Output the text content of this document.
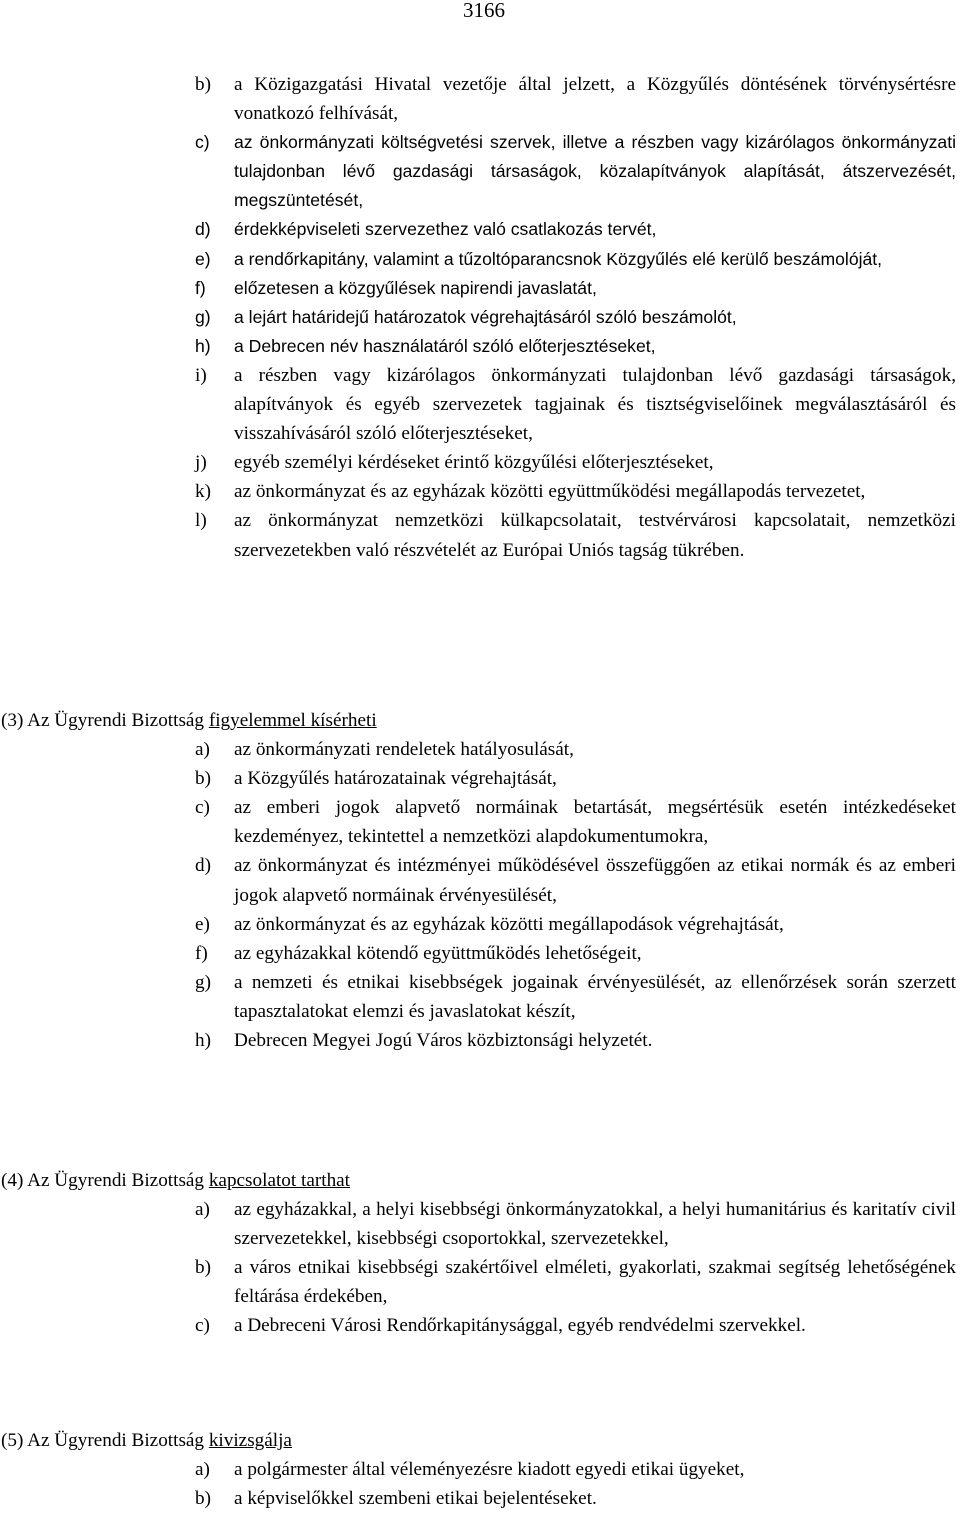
3166
b) a Közigazgatási Hivatal vezetője által jelzett, a Közgyűlés döntésének törvénysértésre vonatkozó felhívását,
c) az önkormányzati költségvetési szervek, illetve a részben vagy kizárólagos önkormányzati tulajdonban lévő gazdasági társaságok, közalapítványok alapítását, átszervezését, megszüntetését,
d) érdekképviseleti szervezethez való csatlakozás tervét,
e) a rendőrkapitány, valamint a tűzoltóparancsnok Közgyűlés elé kerülő beszámolóját,
f) előzetesen a közgyűlések napirendi javaslatát,
g) a lejárt határidejű határozatok végrehajtásáról szóló beszámolót,
h) a Debrecen név használatáról szóló előterjesztéseket,
i) a részben vagy kizárólagos önkormányzati tulajdonban lévő gazdasági társaságok, alapítványok és egyéb szervezetek tagjainak és tisztségviselőinek megválasztásáról és visszahívásáról szóló előterjesztéseket,
j) egyéb személyi kérdéseket érintő közgyűlési előterjesztéseket,
k) az önkormányzat és az egyházak közötti együttműködési megállapodás tervezetet,
l) az önkormányzat nemzetközi külkapcsolatait, testvérvárosi kapcsolatait, nemzetközi szervezetekben való részvételét az Európai Uniós tagság tükrében.
(3) Az Ügyrendi Bizottság figyelemmel kísérheti
a) az önkormányzati rendeletek hatályosulását,
b) a Közgyűlés határozatainak végrehajtását,
c) az emberi jogok alapvető normáinak betartását, megsértésük esetén intézkedéseket kezdeményez, tekintettel a nemzetközi alapdokumentumokra,
d) az önkormányzat és intézményei működésével összefüggően az etikai normák és az emberi jogok alapvető normáinak érvényesülését,
e) az önkormányzat és az egyházak közötti megállapodások végrehajtását,
f) az egyházakkal kötendő együttműködés lehetőségeit,
g) a nemzeti és etnikai kisebbségek jogainak érvényesülését, az ellenőrzések során szerzett tapasztalatokat elemzi és javaslatokat készít,
h) Debrecen Megyei Jogú Város közbiztonsági helyzetét.
(4) Az Ügyrendi Bizottság kapcsolatot tarthat
a) az egyházakkal, a helyi kisebbségi önkormányzatokkal, a helyi humanitárius és karitatív civil szervezetekkel, kisebbségi csoportokkal, szervezetekkel,
b) a város etnikai kisebbségi szakértőivel elméleti, gyakorlati, szakmai segítség lehetőségének feltárása érdekében,
c) a Debreceni Városi Rendőrkapitánysággal, egyéb rendvédelmi szervekkel.
(5) Az Ügyrendi Bizottság kivizsgálja
a) a polgármester által véleményezésre kiadott egyedi etikai ügyeket,
b) a képviselőkkel szembeni etikai bejelentéseket.
